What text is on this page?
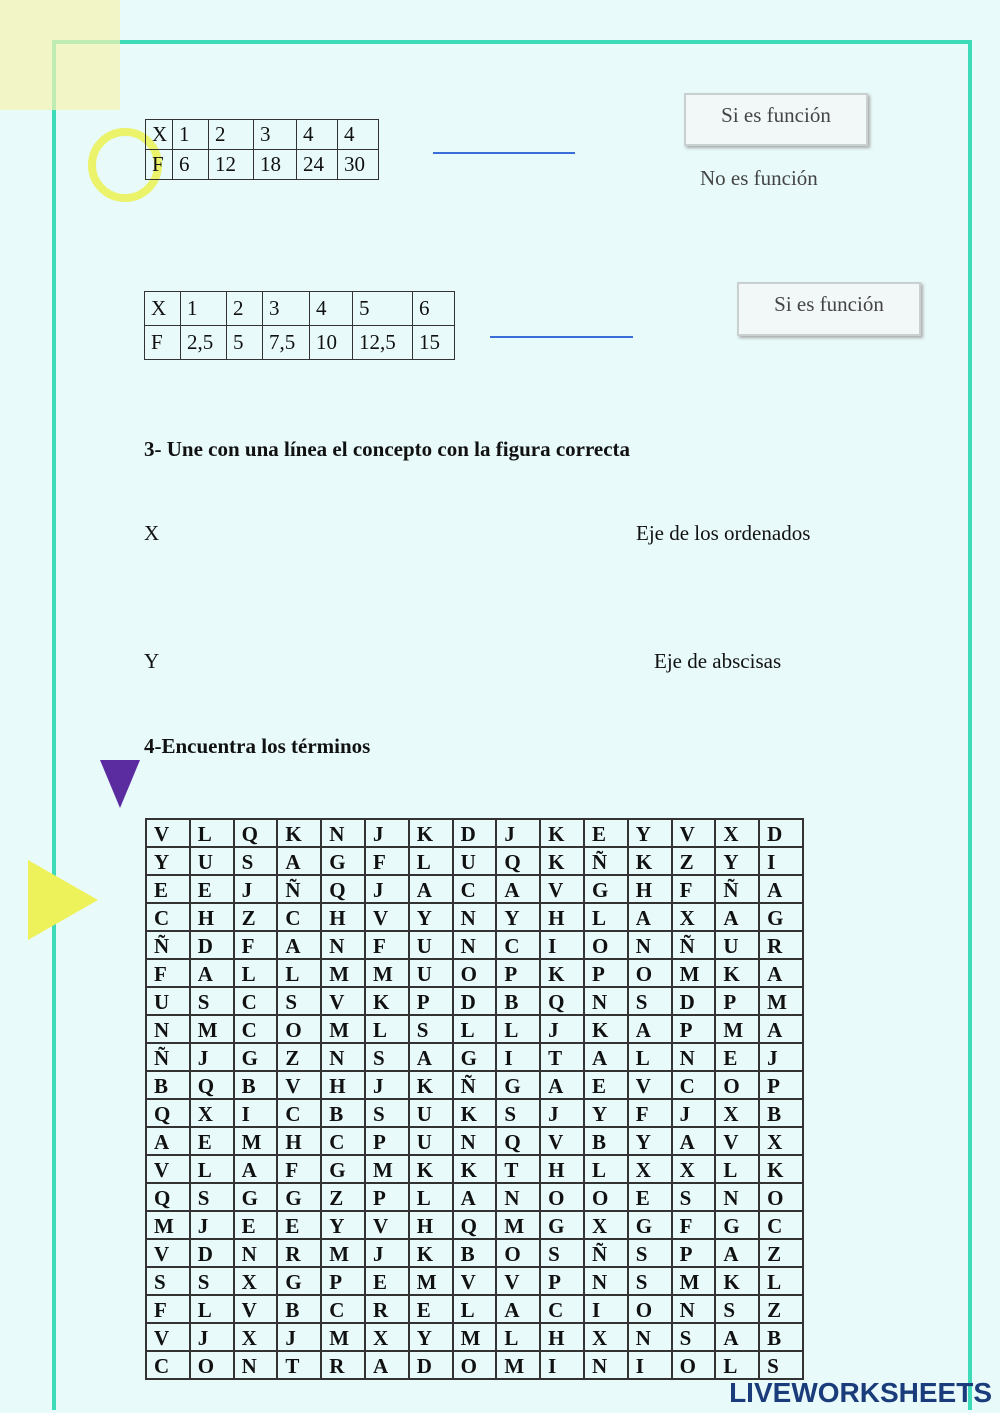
X	1	2	3	4	4
F	6	12	18	24	30
Si es función
No es función
X	1	2	3	4	5	6
F	2,5	5	7,5	10	12,5	15
Si es función
3- Une con una línea el concepto con la figura correcta
X
Y
Eje de los ordenados
Eje de abscisas
4-Encuentra los términos
V	L	Q	K	N	J	K	D	J	K	E	Y	V	X	D
Y	U	S	A	G	F	L	U	Q	K	Ñ	K	Z	Y	I
E	E	J	Ñ	Q	J	A	C	A	V	G	H	F	Ñ	A
C	H	Z	C	H	V	Y	N	Y	H	L	A	X	A	G
Ñ	D	F	A	N	F	U	N	C	I	O	N	Ñ	U	R
F	A	L	L	M	M	U	O	P	K	P	O	M	K	A
U	S	C	S	V	K	P	D	B	Q	N	S	D	P	M
N	M	C	O	M	L	S	L	L	J	K	A	P	M	A
Ñ	J	G	Z	N	S	A	G	I	T	A	L	N	E	J
B	Q	B	V	H	J	K	Ñ	G	A	E	V	C	O	P
Q	X	I	C	B	S	U	K	S	J	Y	F	J	X	B
A	E	M	H	C	P	U	N	Q	V	B	Y	A	V	X
V	L	A	F	G	M	K	K	T	H	L	X	X	L	K
Q	S	G	G	Z	P	L	A	N	O	O	E	S	N	O
M	J	E	E	Y	V	H	Q	M	G	X	G	F	G	C
V	D	N	R	M	J	K	B	O	S	Ñ	S	P	A	Z
S	S	X	G	P	E	M	V	V	P	N	S	M	K	L
F	L	V	B	C	R	E	L	A	C	I	O	N	S	Z
V	J	X	J	M	X	Y	M	L	H	X	N	S	A	B
C	O	N	T	R	A	D	O	M	I	N	I	O	L	S
LIVEWORKSHEETS
